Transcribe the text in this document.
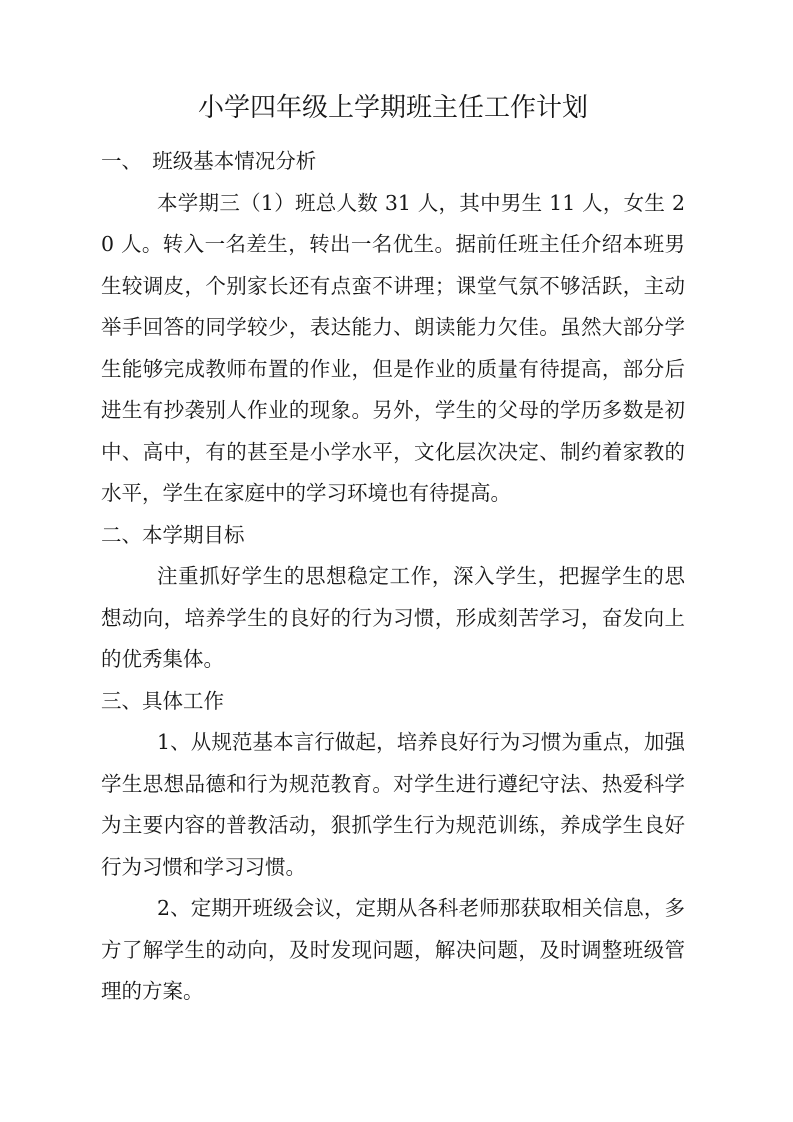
小学四年级上学期班主任工作计划
一、　班级基本情况分析

本学期三（1）班总人数 31 人，其中男生 11 人，女生 20 人。转入一名差生，转出一名优生。据前任班主任介绍本班男生较调皮，个别家长还有点蛮不讲理；课堂气氛不够活跃，主动举手回答的同学较少，表达能力、朗读能力欠佳。虽然大部分学生能够完成教师布置的作业，但是作业的质量有待提高，部分后进生有抄袭别人作业的现象。另外，学生的父母的学历多数是初中、高中，有的甚至是小学水平，文化层次决定、制约着家教的水平，学生在家庭中的学习环境也有待提高。

二、本学期目标

注重抓好学生的思想稳定工作，深入学生，把握学生的思想动向，培养学生的良好的行为习惯，形成刻苦学习，奋发向上的优秀集体。

三、具体工作

1、从规范基本言行做起，培养良好行为习惯为重点，加强学生思想品德和行为规范教育。对学生进行遵纪守法、热爱科学为主要内容的普教活动，狠抓学生行为规范训练，养成学生良好行为习惯和学习习惯。

2、定期开班级会议，定期从各科老师那获取相关信息，多方了解学生的动向，及时发现问题，解决问题，及时调整班级管理的方案。
